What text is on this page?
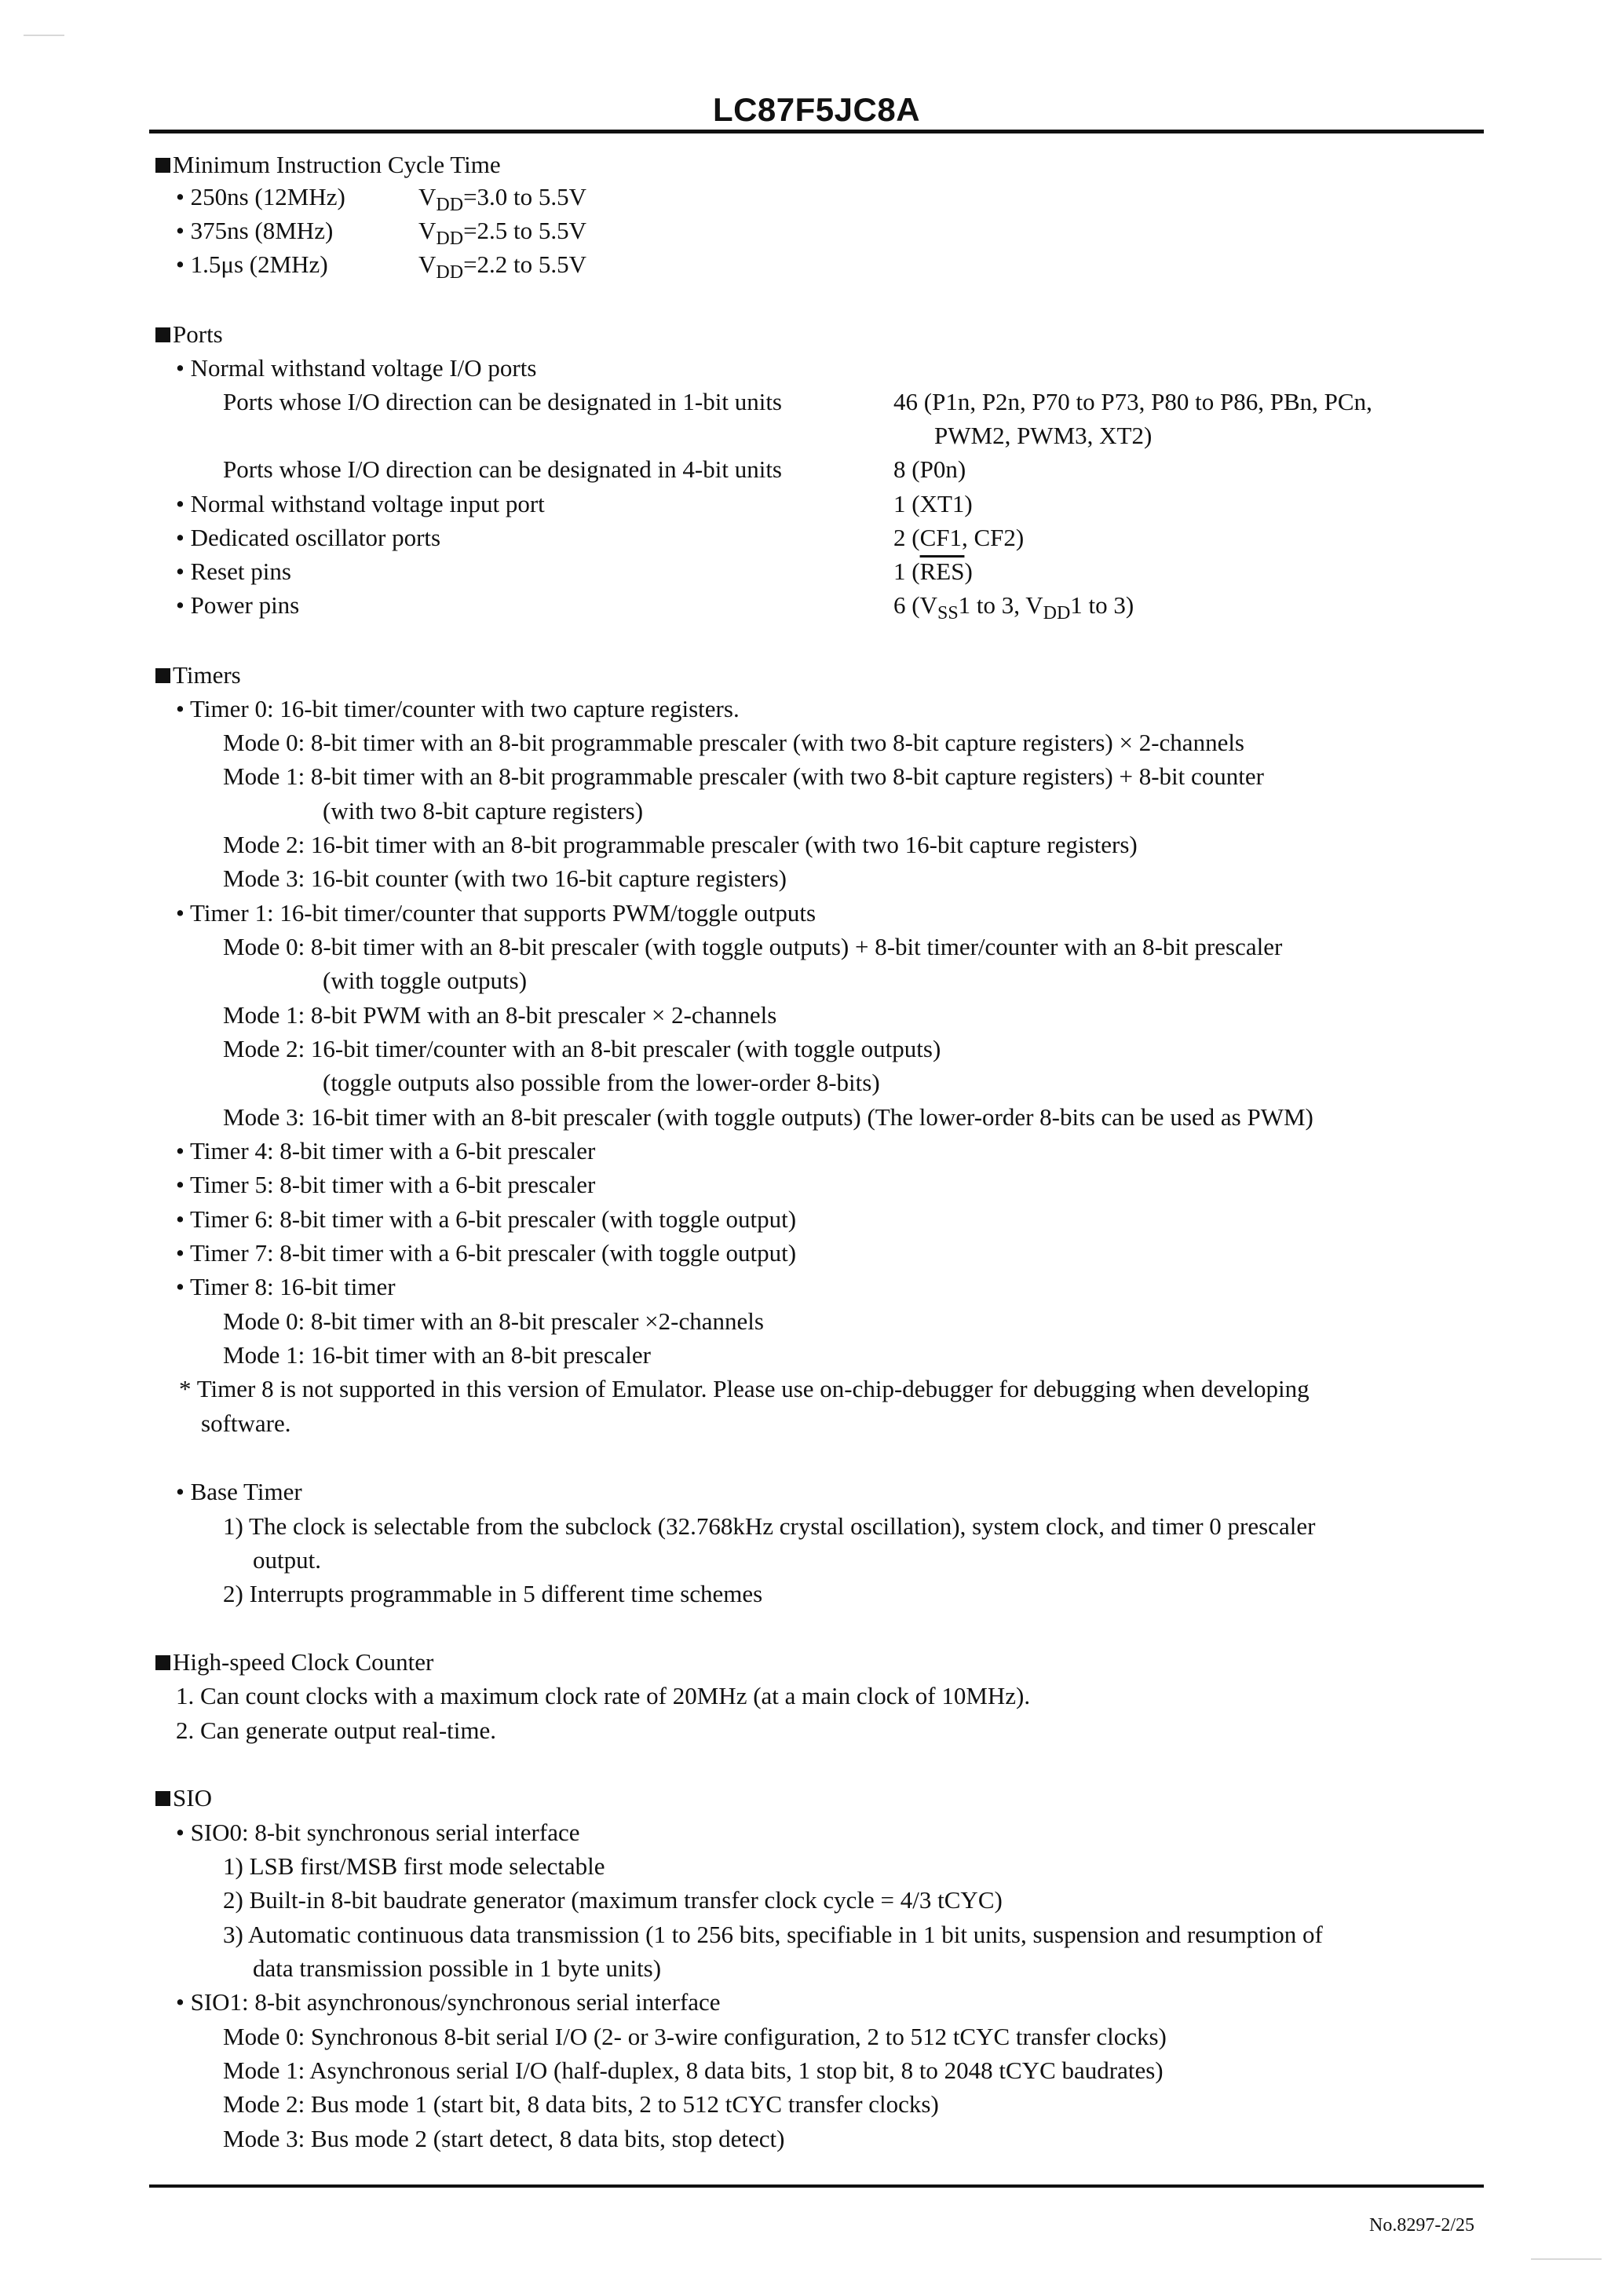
LC87F5JC8A
Minimum Instruction Cycle Time
• 250ns (12MHz)	$V_{DD}=3.0$ to 5.5V
• 375ns (8MHz)	$V_{DD}=2.5$ to 5.5V
• 1.5μs (2MHz)	$V_{DD}=2.2$ to 5.5V
Ports
• Normal withstand voltage I/O ports
Ports whose I/O direction can be designated in 1-bit units	46 (P1n, P2n, P70 to P73, P80 to P86, PBn, PCn,
PWM2, PWM3, XT2)
Ports whose I/O direction can be designated in 4-bit units	8 (P0n)
• Normal withstand voltage input port	1 (XT1)
• Dedicated oscillator ports	2 (CF1, CF2)
• Reset pins	1 $(\overline{RES})$
• Power pins	6 ($V_{SS}1$ to 3, $V_{DD}1$ to 3)
Timers
• Timer 0: 16-bit timer/counter with two capture registers.
Mode 0: 8-bit timer with an 8-bit programmable prescaler (with two 8-bit capture registers) × 2-channels
Mode 1: 8-bit timer with an 8-bit programmable prescaler (with two 8-bit capture registers) + 8-bit counter
(with two 8-bit capture registers)
Mode 2: 16-bit timer with an 8-bit programmable prescaler (with two 16-bit capture registers)
Mode 3: 16-bit counter (with two 16-bit capture registers)
• Timer 1: 16-bit timer/counter that supports PWM/toggle outputs
Mode 0: 8-bit timer with an 8-bit prescaler (with toggle outputs) + 8-bit timer/counter with an 8-bit prescaler
(with toggle outputs)
Mode 1: 8-bit PWM with an 8-bit prescaler × 2-channels
Mode 2: 16-bit timer/counter with an 8-bit prescaler (with toggle outputs)
(toggle outputs also possible from the lower-order 8-bits)
Mode 3: 16-bit timer with an 8-bit prescaler (with toggle outputs) (The lower-order 8-bits can be used as PWM)
• Timer 4: 8-bit timer with a 6-bit prescaler
• Timer 5: 8-bit timer with a 6-bit prescaler
• Timer 6: 8-bit timer with a 6-bit prescaler (with toggle output)
• Timer 7: 8-bit timer with a 6-bit prescaler (with toggle output)
• Timer 8: 16-bit timer
Mode 0: 8-bit timer with an 8-bit prescaler ×2-channels
Mode 1: 16-bit timer with an 8-bit prescaler
* Timer 8 is not supported in this version of Emulator. Please use on-chip-debugger for debugging when developing
software.
• Base Timer
1) The clock is selectable from the subclock (32.768kHz crystal oscillation), system clock, and timer 0 prescaler
output.
2) Interrupts programmable in 5 different time schemes
High-speed Clock Counter
1. Can count clocks with a maximum clock rate of 20MHz (at a main clock of 10MHz).
2. Can generate output real-time.
SIO
• SIO0: 8-bit synchronous serial interface
1) LSB first/MSB first mode selectable
2) Built-in 8-bit baudrate generator (maximum transfer clock cycle = 4/3 tCYC)
3) Automatic continuous data transmission (1 to 256 bits, specifiable in 1 bit units, suspension and resumption of
data transmission possible in 1 byte units)
• SIO1: 8-bit asynchronous/synchronous serial interface
Mode 0: Synchronous 8-bit serial I/O (2- or 3-wire configuration, 2 to 512 tCYC transfer clocks)
Mode 1: Asynchronous serial I/O (half-duplex, 8 data bits, 1 stop bit, 8 to 2048 tCYC baudrates)
Mode 2: Bus mode 1 (start bit, 8 data bits, 2 to 512 tCYC transfer clocks)
Mode 3: Bus mode 2 (start detect, 8 data bits, stop detect)
No.8297-2/25
